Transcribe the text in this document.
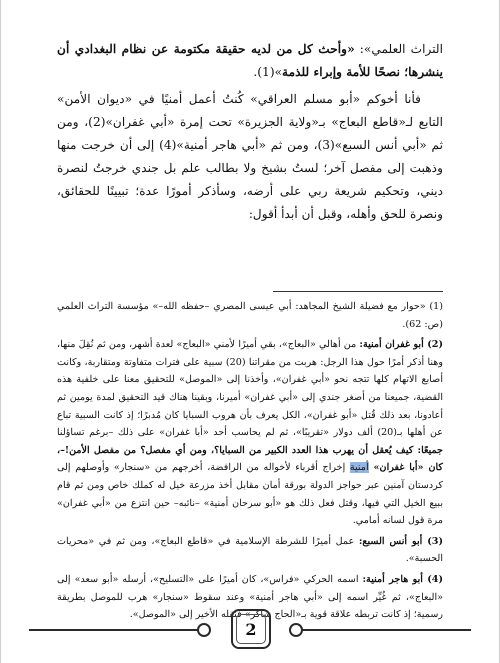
التراث العلمي»: «وأحث كل من لديه حقيقة مكتومة عن نظام البغدادي أن ينشرها؛ نصحًا للأمة وإبراء للذمة»(1).

فأنا أخوكم «أبو مسلم العراقي» كُنتُ أعمل أمنيًا في «ديوان الأمن» التابع لـ«قاطع البعاج» بـ«ولاية الجزيرة» تحت إمرة «أبي غفران»(2)، ومن ثم «أبي أنس السبع»(3)، ومن ثم «أبي هاجر أمنية»(4) إلى أن خرجت منها وذهبت إلى مفصل آخر؛ لستُ بشيخ ولا بطالب علم بل جندي خرجتُ لنصرة ديني، وتحكيم شريعة ربي على أرضه، وسأذكر أمورًا عدة؛ تبيينًا للحقائق، ونصرة للحق وأهله، وقبل أن أبدأ أقول:

(1) «حوار مع فضيلة الشيخ المجاهد: أبي عيسى المصري –حفظه الله–» مؤسسة التراث العلمي (ص: 62).

(2) أبو غفران أمنية: من أهالي «البعاج»، بقي أميرًا لأمني «البعاج» لعدة أشهر، ومن ثم نُقِلَ منها، وهنا أذكر أمرًا حول هذا الرجل: هربت من مقراتنا (20) سبية على فترات متفاوتة ومتقاربة، وكانت أصابع الاتهام كلها تتجه نحو «أبي غفران»، وأخذنا إلى «الموصل» للتحقيق معنا على خلفية هذه القضية، جميعنا من أصغر جندي إلى «أبي غفران» أميرنا، وبقينا هناك قيد التحقيق لمدة يومين ثم أعادونا، بعد ذلك قُتل «أبو غفران»، الكل يعرف بأن هروب السبايا كان مُدبرًا؛ إذ كانت السبية تباع عن أهلها بـ(20) ألف دولار «تقريبًا»، ثم لم يحاسب أحد «أبا غفران» على ذلك –برغم تساؤلنا جميعًا: كيف يُعقل أن يهرب هذا العدد الكبير من السبايا؟، ومن أي مفصل؟ من مفصل الأمن!–، كان «أبا غفران» أمنية إخراج أقرباء لأخواله من الرافضة، أخرجهم من «سنجار» وأوصلهم إلى كردستان آمنين عبر حواجز الدولة بورقة أمان مقابل أخذ مزرعة خيل له كملك خاص ومن ثم قام ببيع الخيل التي فيها، وقتل فعل ذلك هو «أبو سرحان أمنية» –نائبه– حين انتزع من «أبي غفران» مرة قول لسانه أمامي.

(3) أبو أنس السبع: عمل أميرًا للشرطة الإسلامية في «قاطع البعاج»، ومن ثم في «محريات الحسبة».

(4) أبو هاجر أمنية: اسمه الحركي «فراس»، كان أميرًا على «التسليح»، أرسله «أبو سعد» إلى «البعاج»، ثم غُيِّر اسمه إلى «أبي هاجر أمنية» وعند سقوط «سنجار» هرب للموصل بطريقة رسمية؛ إذ كانت تربطه علاقة قوية بـ«الحاج شاكر» فنقله الأخير إلى «الموصل».

2
